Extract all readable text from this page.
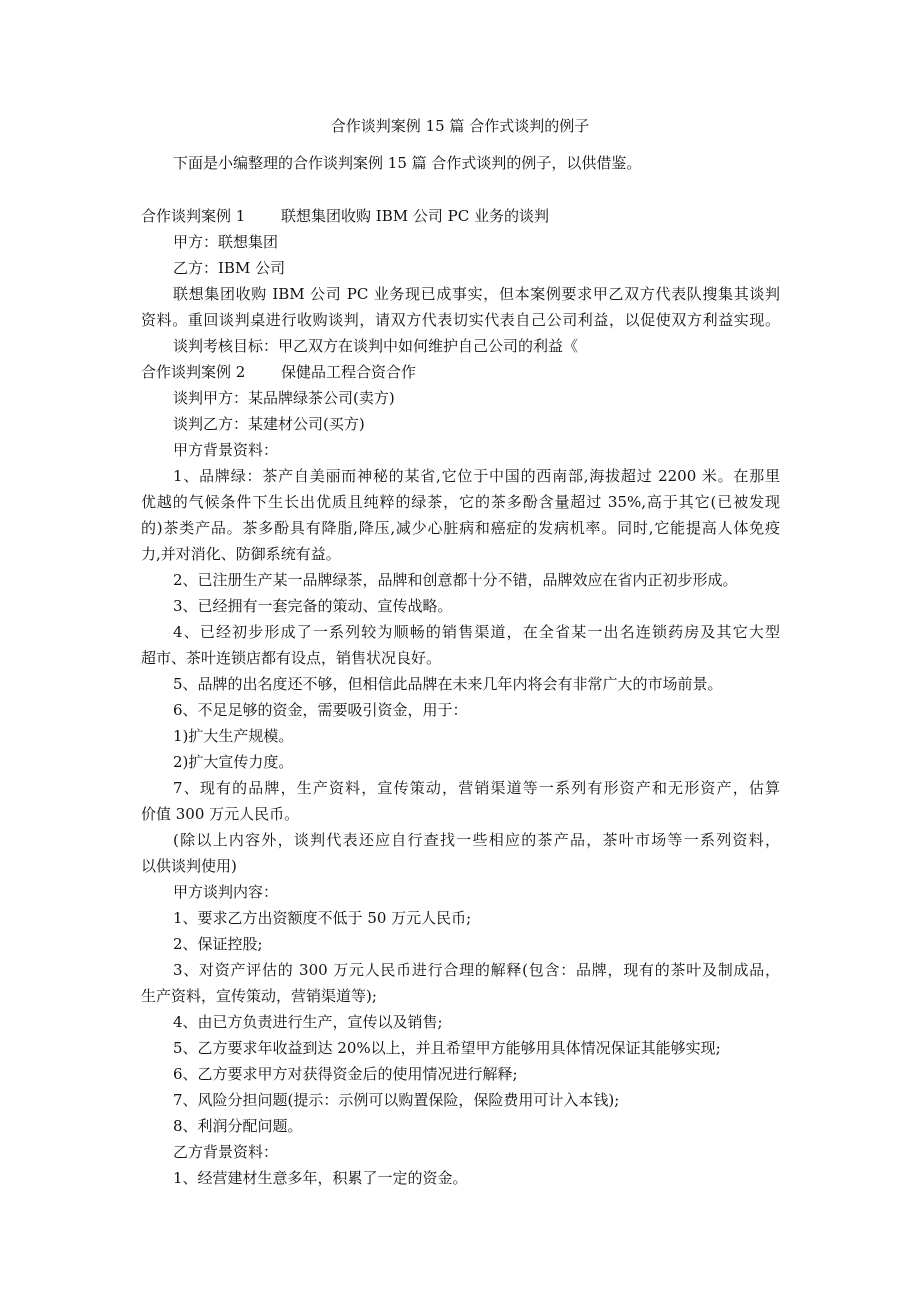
合作谈判案例 15 篇 合作式谈判的例子
下面是小编整理的合作谈判案例 15 篇 合作式谈判的例子，以供借鉴。
合作谈判案例 1 联想集团收购 IBM 公司 PC 业务的谈判
甲方：联想集团
乙方：IBM 公司
联想集团收购 IBM 公司 PC 业务现已成事实，但本案例要求甲乙双方代表队搜集其谈判
资料。重回谈判桌进行收购谈判，请双方代表切实代表自己公司利益，以促使双方利益实现。
谈判考核目标：甲乙双方在谈判中如何维护自己公司的利益《
合作谈判案例 2 保健品工程合资合作
谈判甲方：某品牌绿茶公司(卖方)
谈判乙方：某建材公司(买方)
甲方背景资料：
1、品牌绿：茶产自美丽而神秘的某省,它位于中国的西南部,海拔超过 2200 米。在那里
优越的气候条件下生长出优质且纯粹的绿茶，它的茶多酚含量超过 35%,高于其它(已被发现
的)茶类产品。茶多酚具有降脂,降压,减少心脏病和癌症的发病机率。同时,它能提高人体免疫
力,并对消化、防御系统有益。
2、已注册生产某一品牌绿茶，品牌和创意都十分不错，品牌效应在省内正初步形成。
3、已经拥有一套完备的策动、宣传战略。
4、已经初步形成了一系列较为顺畅的销售渠道，在全省某一出名连锁药房及其它大型
超市、茶叶连锁店都有设点，销售状况良好。
5、品牌的出名度还不够，但相信此品牌在未来几年内将会有非常广大的市场前景。
6、不足足够的资金，需要吸引资金，用于：
1)扩大生产规模。
2)扩大宣传力度。
7、现有的品牌，生产资料，宣传策动，营销渠道等一系列有形资产和无形资产，估算
价值 300 万元人民币。
(除以上内容外，谈判代表还应自行查找一些相应的茶产品，茶叶市场等一系列资料，
以供谈判使用)
甲方谈判内容：
1、要求乙方出资额度不低于 50 万元人民币;
2、保证控股;
3、对资产评估的 300 万元人民币进行合理的解释(包含：品牌，现有的茶叶及制成品，
生产资料，宣传策动，营销渠道等);
4、由已方负责进行生产，宣传以及销售;
5、乙方要求年收益到达 20%以上，并且希望甲方能够用具体情况保证其能够实现;
6、乙方要求甲方对获得资金后的使用情况进行解释;
7、风险分担问题(提示：示例可以购置保险，保险费用可计入本钱);
8、利润分配问题。
乙方背景资料：
1、经营建材生意多年，积累了一定的资金。
